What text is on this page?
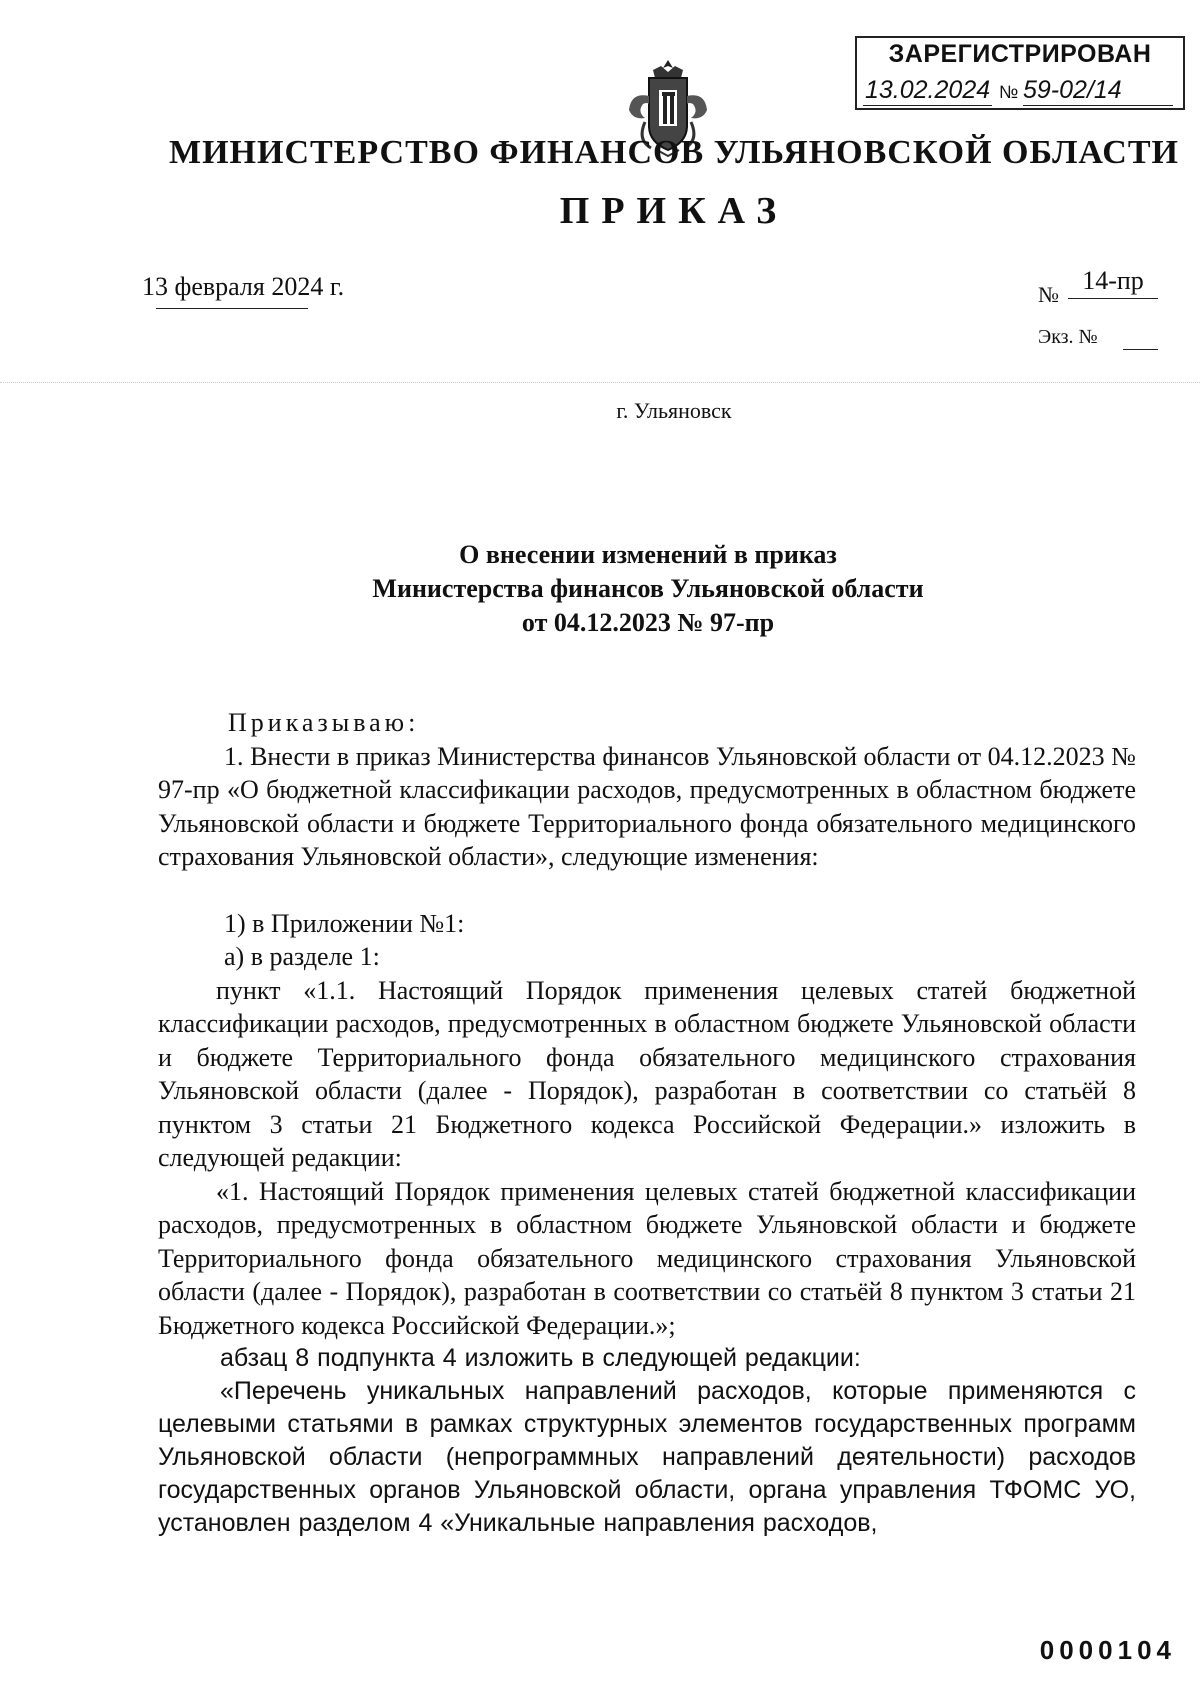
ЗАРЕГИСТРИРОВАН
13.02.2024 № 59-02/14
МИНИСТЕРСТВО ФИНАНСОВ УЛЬЯНОВСКОЙ ОБЛАСТИ
ПРИКАЗ
13 февраля 2024 г.	№ 14-пр
Экз. №
г. Ульяновск
О внесении изменений в приказ
Министерства финансов Ульяновской области
от 04.12.2023 № 97-пр

Приказываю:

1. Внести в приказ Министерства финансов Ульяновской области от 04.12.2023 № 97-пр «О бюджетной классификации расходов, предусмотренных в областном бюджете Ульяновской области и бюджете Территориального фонда обязательного медицинского страхования Ульяновской области», следующие изменения:

1) в Приложении №1:

а) в разделе 1:

пункт «1.1. Настоящий Порядок применения целевых статей бюджетной классификации расходов, предусмотренных в областном бюджете Ульяновской области и бюджете Территориального фонда обязательного медицинского страхования Ульяновской области (далее - Порядок), разработан в соответствии со статьёй 8 пунктом 3 статьи 21 Бюджетного кодекса Российской Федерации.» изложить в следующей редакции:

«1. Настоящий Порядок применения целевых статей бюджетной классификации расходов, предусмотренных в областном бюджете Ульяновской области и бюджете Территориального фонда обязательного медицинского страхования Ульяновской области (далее - Порядок), разработан в соответствии со статьёй 8 пунктом 3 статьи 21 Бюджетного кодекса Российской Федерации.»;

абзац 8 подпункта 4 изложить в следующей редакции:

«Перечень уникальных направлений расходов, которые применяются с целевыми статьями в рамках структурных элементов государственных программ Ульяновской области (непрограммных направлений деятельности) расходов государственных органов Ульяновской области, органа управления ТФОМС УО, установлен разделом 4 «Уникальные направления расходов,

0000104
